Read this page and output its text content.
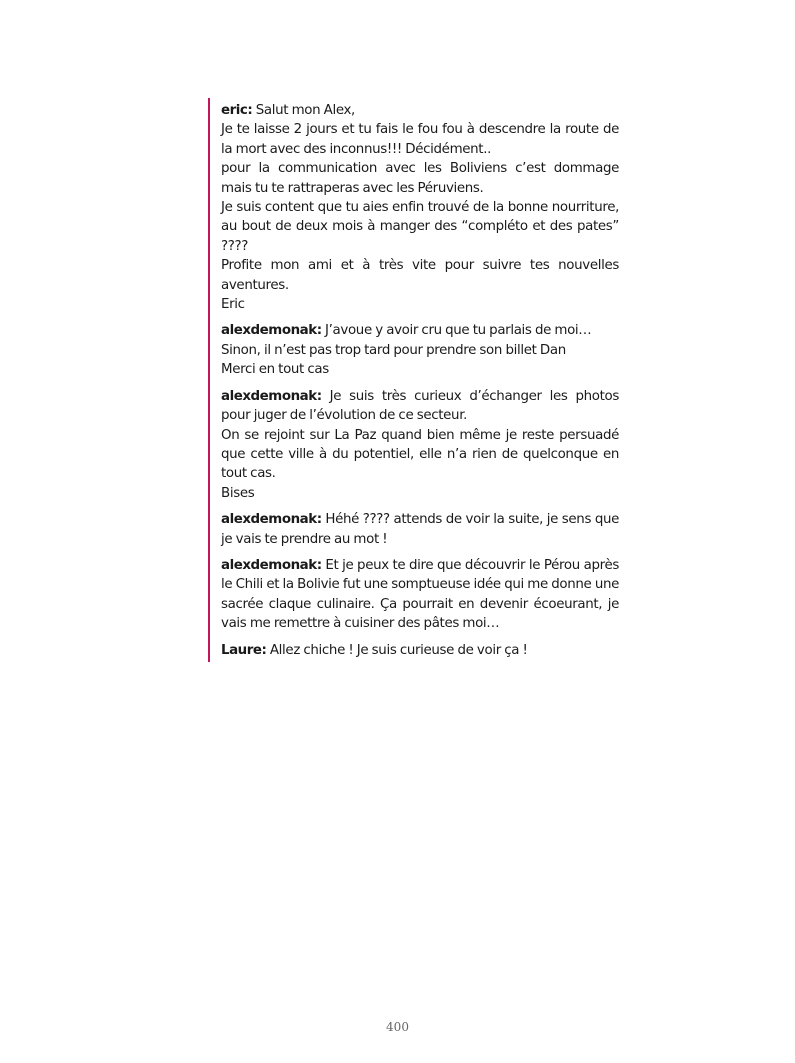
eric: Salut mon Alex,
Je te laisse 2 jours et tu fais le fou fou à descendre la route de la mort avec des inconnus!!! Décidément..
pour la communication avec les Boliviens c’est dommage mais tu te rattraperas avec les Péruviens.
Je suis content que tu aies enfin trouvé de la bonne nourriture, au bout de deux mois à manger des “compléto et des pates” ????
Profite mon ami et à très vite pour suivre tes nouvelles aventures.
Eric
alexdemonak: J’avoue y avoir cru que tu parlais de moi…
Sinon, il n’est pas trop tard pour prendre son billet Dan
Merci en tout cas
alexdemonak: Je suis très curieux d’échanger les photos pour juger de l’évolution de ce secteur.
On se rejoint sur La Paz quand bien même je reste persuadé que cette ville à du potentiel, elle n’a rien de quelconque en tout cas.
Bises
alexdemonak: Héhé ???? attends de voir la suite, je sens que je vais te prendre au mot !
alexdemonak: Et je peux te dire que découvrir le Pérou après le Chili et la Bolivie fut une somptueuse idée qui me donne une sacrée claque culinaire. Ça pourrait en devenir écoeurant, je vais me remettre à cuisiner des pâtes moi…
Laure: Allez chiche ! Je suis curieuse de voir ça !
400
